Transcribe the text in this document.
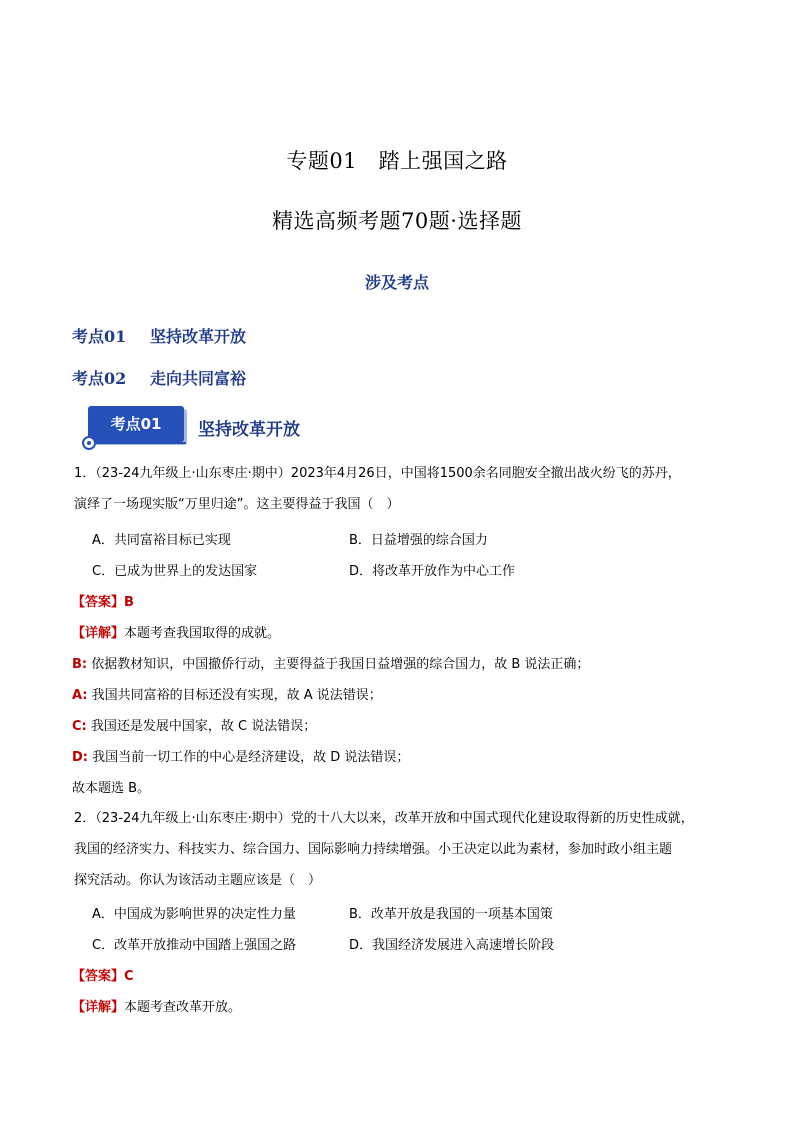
专题01　踏上强国之路
精选高频考题70题·选择题
涉及考点
考点01 坚持改革开放
考点02 走向共同富裕
考点01	坚持改革开放
1．（23-24九年级上·山东枣庄·期中）2023年4月26日，中国将1500余名同胞安全撤出战火纷飞的苏丹，
演绎了一场现实版“万里归途”。这主要得益于我国（　）
A．共同富裕目标已实现	B．日益增强的综合国力
C．已成为世界上的发达国家	D．将改革开放作为中心工作
【答案】B
【详解】本题考查我国取得的成就。
B: 依据教材知识，中国撤侨行动，主要得益于我国日益增强的综合国力，故 B 说法正确；
A: 我国共同富裕的目标还没有实现，故 A 说法错误；
C: 我国还是发展中国家，故 C 说法错误；
D: 我国当前一切工作的中心是经济建设，故 D 说法错误；
故本题选 B。
2．（23-24九年级上·山东枣庄·期中）党的十八大以来，改革开放和中国式现代化建设取得新的历史性成就，
我国的经济实力、科技实力、综合国力、国际影响力持续增强。小王决定以此为素材，参加时政小组主题
探究活动。你认为该活动主题应该是（　）
A．中国成为影响世界的决定性力量	B．改革开放是我国的一项基本国策
C．改革开放推动中国踏上强国之路	D．我国经济发展进入高速增长阶段
【答案】C
【详解】本题考查改革开放。
